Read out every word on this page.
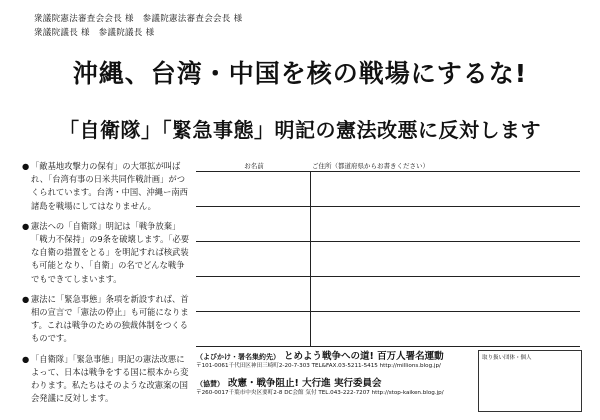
衆議院憲法審査会会長 様　参議院憲法審査会会長 様
衆議院議長 様　参議院議長 様
沖縄、台湾・中国を核の戦場にするな!
「自衛隊」「緊急事態」明記の憲法改悪に反対します
● 「敵基地攻撃力の保有」の大軍拡が叫ばれ、「台湾有事の日米共同作戦計画」がつくられています。台湾・中国、沖縄ー南西諸島を戦場にしてはなりません。
● 憲法への「自衛隊」明記は「戦争放棄」「戦力不保持」の9条を破壊します。「必要な自衛の措置をとる」を明記すれば核武装も可能となり、「自衛」の名でどんな戦争でもできてしまいます。
● 憲法に「緊急事態」条項を新設すれば、首相の宣言で「憲法の停止」も可能になります。これは戦争のための独裁体制をつくるものです。
● 「自衛隊」「緊急事態」明記の憲法改悪によって、日本は戦争をする国に根本から変わります。私たちはそのような改憲案の国会発議に反対します。
お名前	ご住所（都道府県からお書きください）

（よびかけ・署名集約先） とめよう戦争への道! 百万人署名運動
〒101-0061千代田区神田三崎町2-20-7-303 TEL&FAX.03-5211-5415 http://millions.blog.jp/
（協賛） 改憲・戦争阻止! 大行進 実行委員会
〒260-0017千葉市中央区要町2-8 DC会館 気付 TEL.043-222-7207 http://stop-kaiken.blog.jp/
取り扱い団体・個人
